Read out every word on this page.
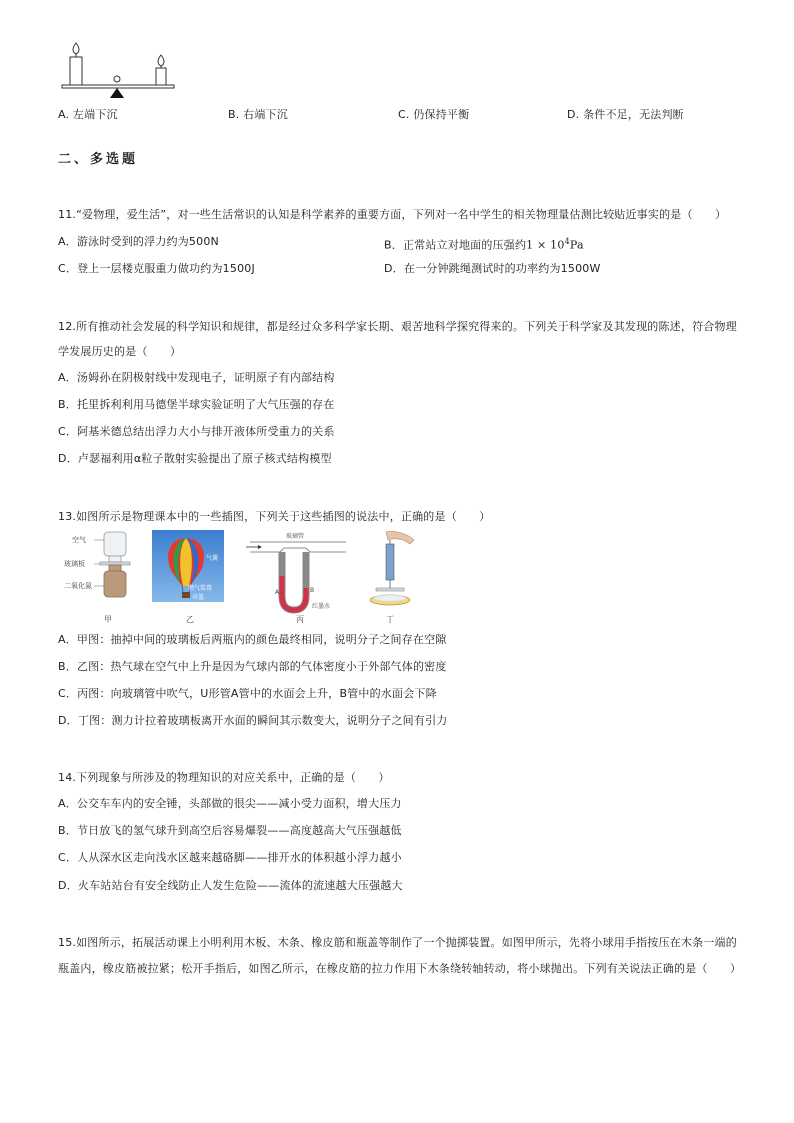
A. 左端下沉	B. 右端下沉	C. 仍保持平衡	D. 条件不足，无法判断
二、多选题
11.“爱物理，爱生活”，对一些生活常识的认知是科学素养的重要方面，下列对一名中学生的相关物理量估测比较贴近事实的是（　　）
A．游泳时受到的浮力约为500N	B．正常站立对地面的压强约$1 \times 10^4Pa$
C．登上一层楼克服重力做功约为1500J	D．在一分钟跳绳测试时的功率约为1500W
12.所有推动社会发展的科学知识和规律，都是经过众多科学家长期、艰苦地科学探究得来的。下列关于科学家及其发现的陈述，符合物理
学发展历史的是（　　）
A．汤姆孙在阴极射线中发现电子，证明原子有内部结构
B．托里拆利利用马德堡半球实验证明了大气压强的存在
C．阿基米德总结出浮力大小与排开液体所受重力的关系
D．卢瑟福利用α粒子散射实验提出了原子核式结构模型
13.如图所示是物理课本中的一些插图，下列关于这些插图的说法中，正确的是（　　）
空气
玻璃板
二氧化氮
甲
气囊
燃气装置
吊篮
乙
玻璃管
A	B
红墨水
丙	丁
A．甲图：抽掉中间的玻璃板后两瓶内的颜色最终相同，说明分子之间存在空隙
B．乙图：热气球在空气中上升是因为气球内部的气体密度小于外部气体的密度
C．丙图：向玻璃管中吹气，U形管A管中的水面会上升，B管中的水面会下降
D．丁图：测力计拉着玻璃板离开水面的瞬间其示数变大，说明分子之间有引力
14.下列现象与所涉及的物理知识的对应关系中，正确的是（　　）
A．公交车车内的安全锤，头部做的很尖——减小受力面积，增大压力
B．节日放飞的氢气球升到高空后容易爆裂——高度越高大气压强越低
C．人从深水区走向浅水区越来越硌脚——排开水的体积越小浮力越小
D．火车站站台有安全线防止人发生危险——流体的流速越大压强越大
15.如图所示，拓展活动课上小明利用木板、木条、橡皮筋和瓶盖等制作了一个抛掷装置。如图甲所示，先将小球用手指按压在木条一端的
瓶盖内，橡皮筋被拉紧；松开手指后，如图乙所示，在橡皮筋的拉力作用下木条绕转轴转动，将小球抛出。下列有关说法正确的是（　　）
